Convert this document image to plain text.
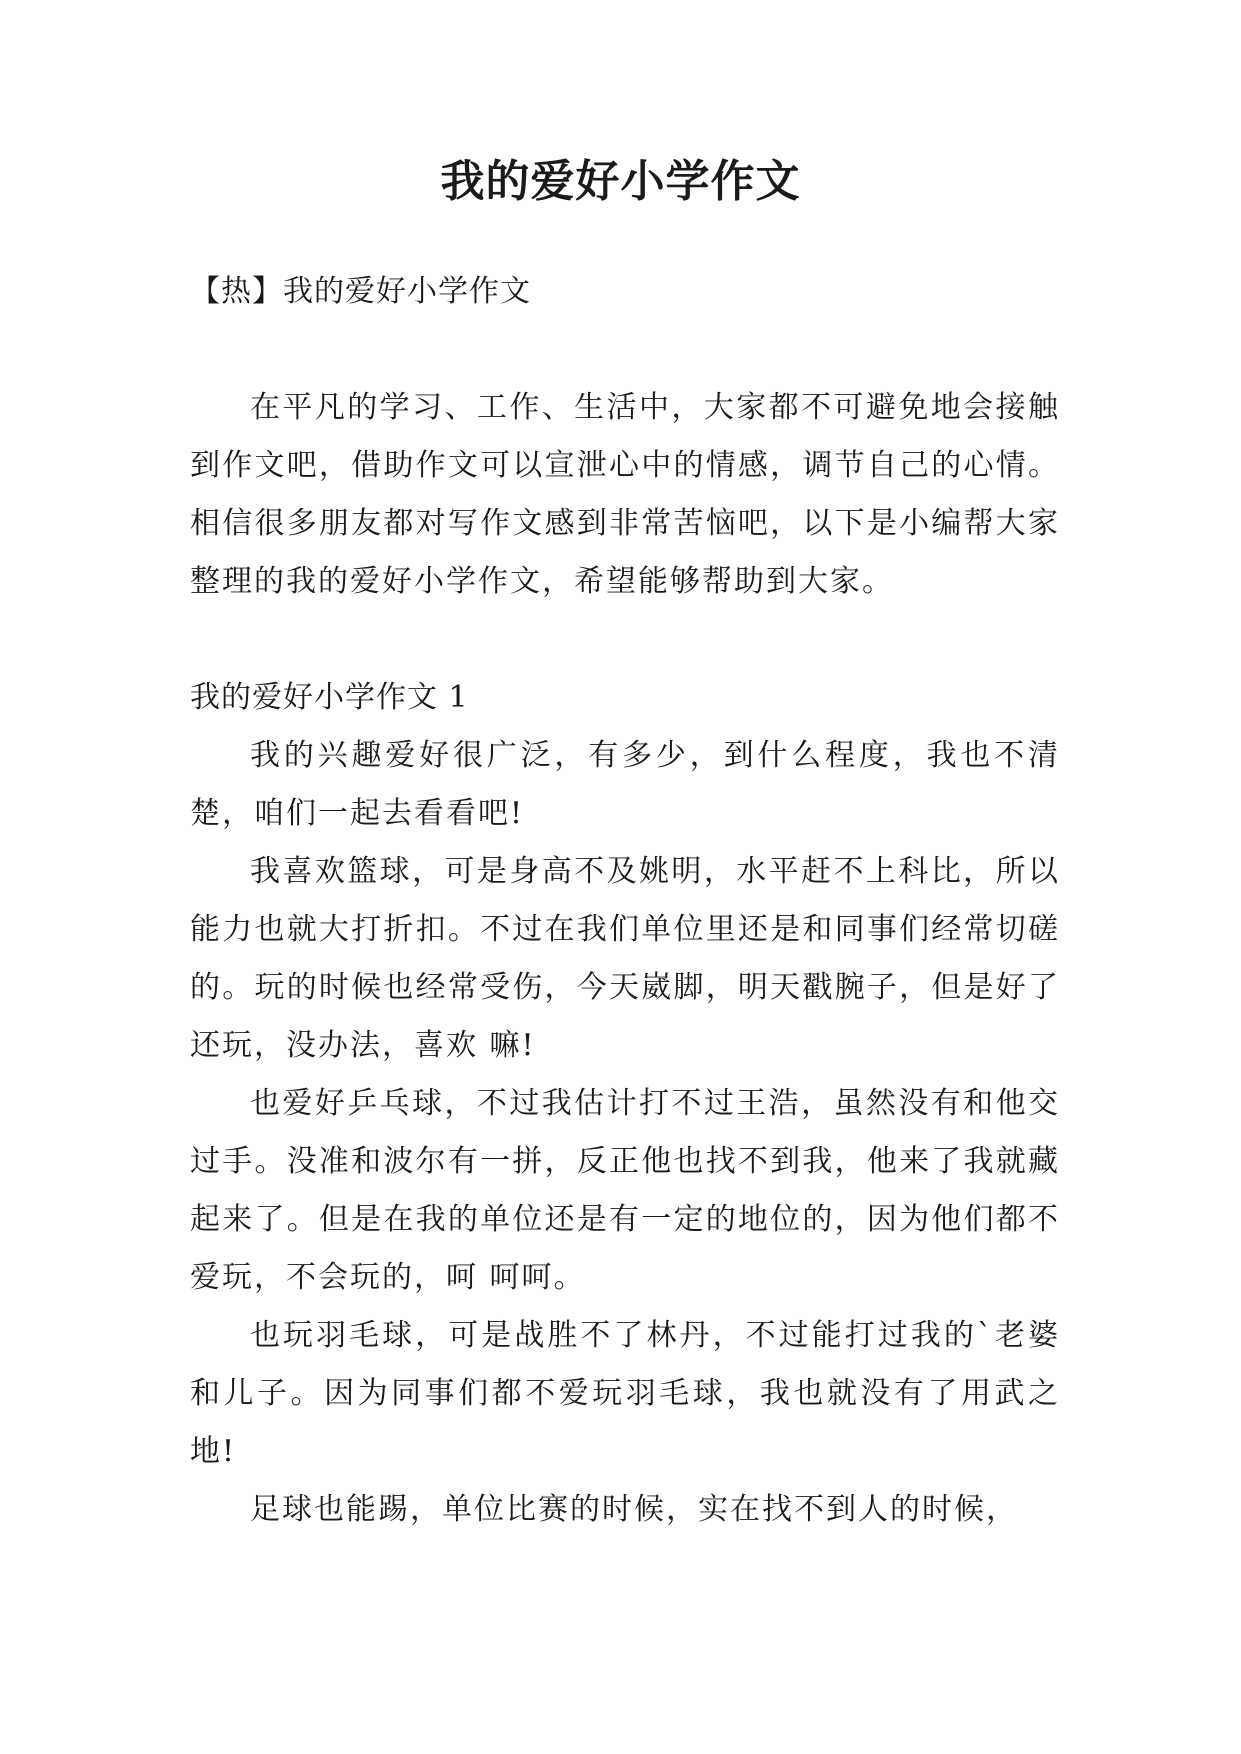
我的爱好小学作文
【热】我的爱好小学作文

在平凡的学习、工作、生活中，大家都不可避免地会接触到作文吧，借助作文可以宣泄心中的情感，调节自己的心情。相信很多朋友都对写作文感到非常苦恼吧，以下是小编帮大家整理的我的爱好小学作文，希望能够帮助到大家。

我的爱好小学作文 1

我的兴趣爱好很广泛，有多少，到什么程度，我也不清楚，咱们一起去看看吧!

我喜欢篮球，可是身高不及姚明，水平赶不上科比，所以能力也就大打折扣。不过在我们单位里还是和同事们经常切磋的。玩的时候也经常受伤，今天崴脚，明天戳腕子，但是好了还玩，没办法，喜欢 嘛!

也爱好乒乓球，不过我估计打不过王浩，虽然没有和他交过手。没准和波尔有一拼，反正他也找不到我，他来了我就藏起来了。但是在我的单位还是有一定的地位的，因为他们都不爱玩，不会玩的，呵 呵呵。

也玩羽毛球，可是战胜不了林丹，不过能打过我的`老婆和儿子。因为同事们都不爱玩羽毛球，我也就没有了用武之地!

足球也能踢，单位比赛的时候，实在找不到人的时候，
